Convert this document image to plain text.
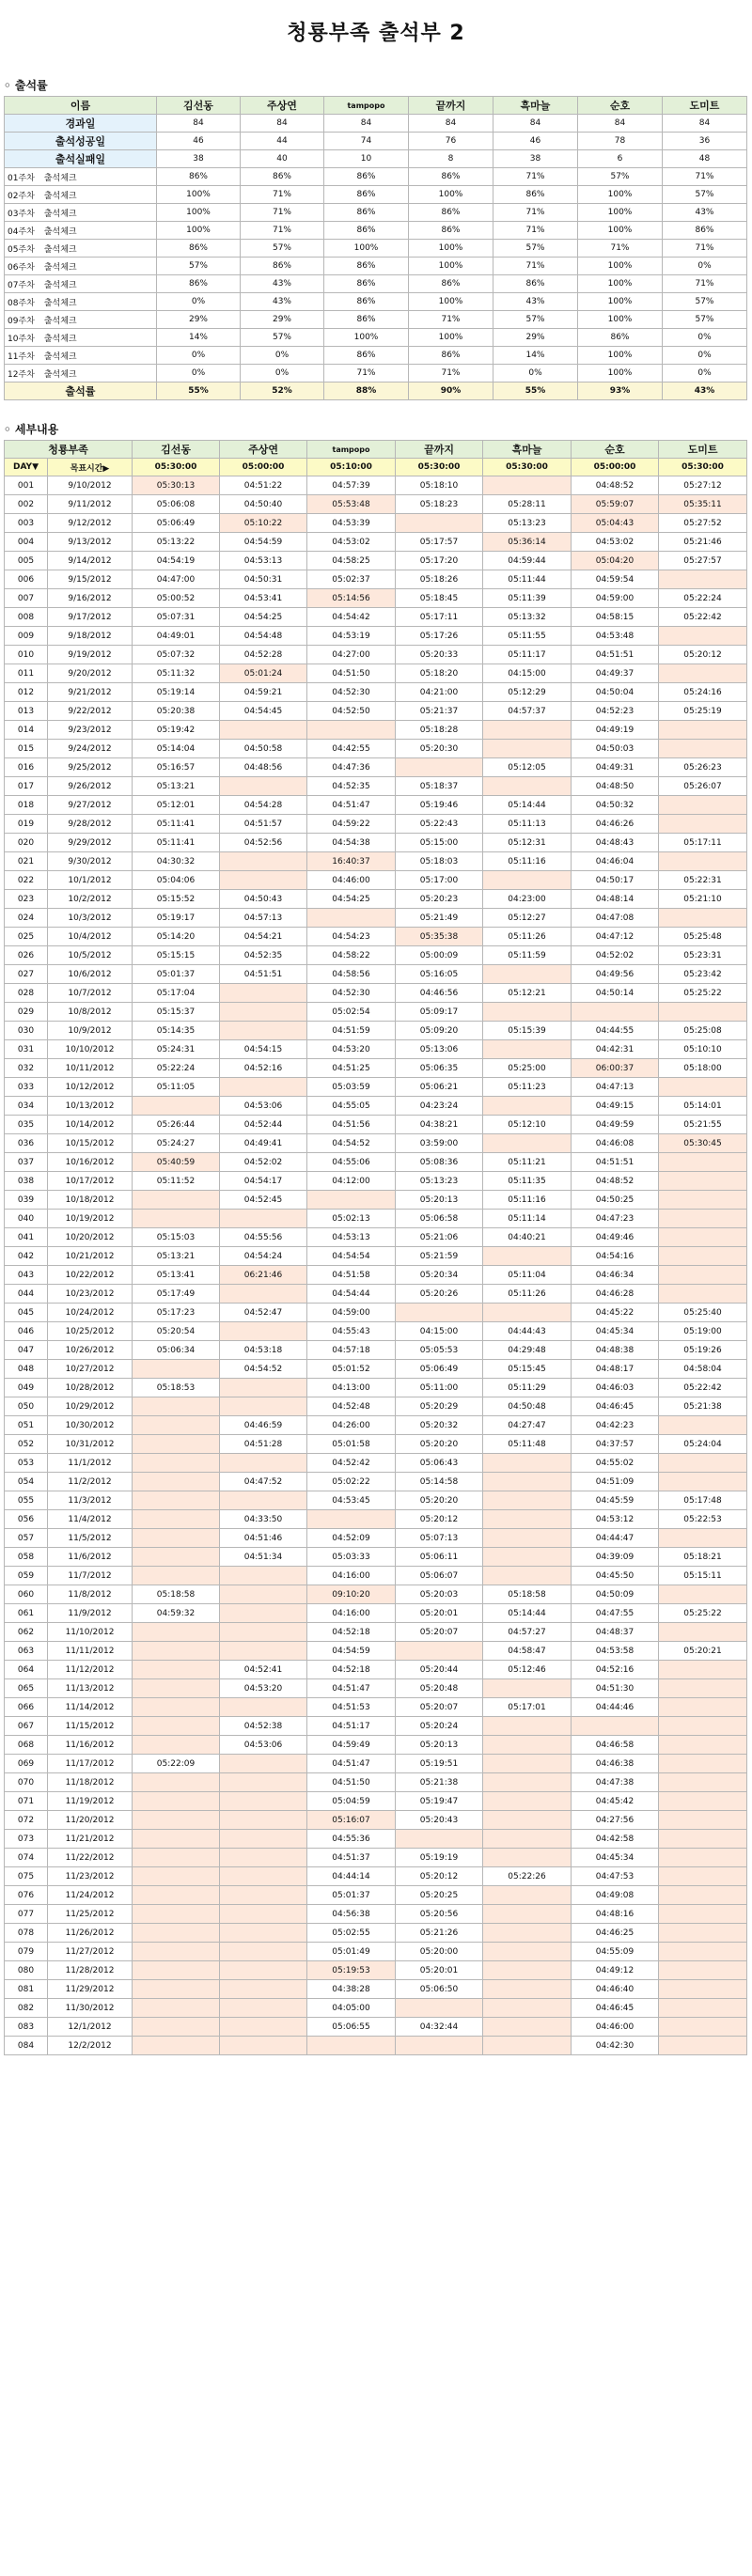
청룡부족 출석부 2
◦ 출석률
이름	김선동	주상연	tampopo	끝까지	흑마늘	순호	도미트
경과일	84	84	84	84	84	84	84
출석성공일	46	44	74	76	46	78	36
출석실패일	38	40	10	8	38	6	48
01주차 출석체크	86%	86%	86%	86%	71%	57%	71%
02주차 출석체크	100%	71%	86%	100%	86%	100%	57%
03주차 출석체크	100%	71%	86%	86%	71%	100%	43%
04주차 출석체크	100%	71%	86%	86%	71%	100%	86%
05주차 출석체크	86%	57%	100%	100%	57%	71%	71%
06주차 출석체크	57%	86%	86%	100%	71%	100%	0%
07주차 출석체크	86%	43%	86%	86%	86%	100%	71%
08주차 출석체크	0%	43%	86%	100%	43%	100%	57%
09주차 출석체크	29%	29%	86%	71%	57%	100%	57%
10주차 출석체크	14%	57%	100%	100%	29%	86%	0%
11주차 출석체크	0%	0%	86%	86%	14%	100%	0%
12주차 출석체크	0%	0%	71%	71%	0%	100%	0%
출석률	55%	52%	88%	90%	55%	93%	43%
◦ 세부내용
청룡부족		김선동	주상연	tampopo	끝까지	흑마늘	순호	도미트
DAY▼	목표시간▶	05:30:00	05:00:00	05:10:00	05:30:00	05:30:00	05:00:00	05:30:00
001	9/10/2012	05:30:13	04:51:22	04:57:39	05:18:10		04:48:52	05:27:12
002	9/11/2012	05:06:08	04:50:40	05:53:48	05:18:23	05:28:11	05:59:07	05:35:11
003	9/12/2012	05:06:49	05:10:22	04:53:39		05:13:23	05:04:43	05:27:52
004	9/13/2012	05:13:22	04:54:59	04:53:02	05:17:57	05:36:14	04:53:02	05:21:46
005	9/14/2012	04:54:19	04:53:13	04:58:25	05:17:20	04:59:44	05:04:20	05:27:57
006	9/15/2012	04:47:00	04:50:31	05:02:37	05:18:26	05:11:44	04:59:54	
007	9/16/2012	05:00:52	04:53:41	05:14:56	05:18:45	05:11:39	04:59:00	05:22:24
008	9/17/2012	05:07:31	04:54:25	04:54:42	05:17:11	05:13:32	04:58:15	05:22:42
009	9/18/2012	04:49:01	04:54:48	04:53:19	05:17:26	05:11:55	04:53:48	
010	9/19/2012	05:07:32	04:52:28	04:27:00	05:20:33	05:11:17	04:51:51	05:20:12
011	9/20/2012	05:11:32	05:01:24	04:51:50	05:18:20	04:15:00	04:49:37	
012	9/21/2012	05:19:14	04:59:21	04:52:30	04:21:00	05:12:29	04:50:04	05:24:16
013	9/22/2012	05:20:38	04:54:45	04:52:50	05:21:37	04:57:37	04:52:23	05:25:19
014	9/23/2012	05:19:42			05:18:28		04:49:19	
015	9/24/2012	05:14:04	04:50:58	04:42:55	05:20:30		04:50:03	
016	9/25/2012	05:16:57	04:48:56	04:47:36		05:12:05	04:49:31	05:26:23
017	9/26/2012	05:13:21		04:52:35	05:18:37		04:48:50	05:26:07
018	9/27/2012	05:12:01	04:54:28	04:51:47	05:19:46	05:14:44	04:50:32	
019	9/28/2012	05:11:41	04:51:57	04:59:22	05:22:43	05:11:13	04:46:26	
020	9/29/2012	05:11:41	04:52:56	04:54:38	05:15:00	05:12:31	04:48:43	05:17:11
021	9/30/2012	04:30:32		16:40:37	05:18:03	05:11:16	04:46:04	
022	10/1/2012	05:04:06		04:46:00	05:17:00		04:50:17	05:22:31
023	10/2/2012	05:15:52	04:50:43	04:54:25	05:20:23	04:23:00	04:48:14	05:21:10
024	10/3/2012	05:19:17	04:57:13		05:21:49	05:12:27	04:47:08	
025	10/4/2012	05:14:20	04:54:21	04:54:23	05:35:38	05:11:26	04:47:12	05:25:48
026	10/5/2012	05:15:15	04:52:35	04:58:22	05:00:09	05:11:59	04:52:02	05:23:31
027	10/6/2012	05:01:37	04:51:51	04:58:56	05:16:05		04:49:56	05:23:42
028	10/7/2012	05:17:04		04:52:30	04:46:56	05:12:21	04:50:14	05:25:22
029	10/8/2012	05:15:37		05:02:54	05:09:17			
030	10/9/2012	05:14:35		04:51:59	05:09:20	05:15:39	04:44:55	05:25:08
031	10/10/2012	05:24:31	04:54:15	04:53:20	05:13:06		04:42:31	05:10:10
032	10/11/2012	05:22:24	04:52:16	04:51:25	05:06:35	05:25:00	06:00:37	05:18:00
033	10/12/2012	05:11:05		05:03:59	05:06:21	05:11:23	04:47:13	
034	10/13/2012		04:53:06	04:55:05	04:23:24		04:49:15	05:14:01
035	10/14/2012	05:26:44	04:52:44	04:51:56	04:38:21	05:12:10	04:49:59	05:21:55
036	10/15/2012	05:24:27	04:49:41	04:54:52	03:59:00		04:46:08	05:30:45
037	10/16/2012	05:40:59	04:52:02	04:55:06	05:08:36	05:11:21	04:51:51	
038	10/17/2012	05:11:52	04:54:17	04:12:00	05:13:23	05:11:35	04:48:52	
039	10/18/2012		04:52:45		05:20:13	05:11:16	04:50:25	
040	10/19/2012			05:02:13	05:06:58	05:11:14	04:47:23	
041	10/20/2012	05:15:03	04:55:56	04:53:13	05:21:06	04:40:21	04:49:46	
042	10/21/2012	05:13:21	04:54:24	04:54:54	05:21:59		04:54:16	
043	10/22/2012	05:13:41	06:21:46	04:51:58	05:20:34	05:11:04	04:46:34	
044	10/23/2012	05:17:49		04:54:44	05:20:26	05:11:26	04:46:28	
045	10/24/2012	05:17:23	04:52:47	04:59:00			04:45:22	05:25:40
046	10/25/2012	05:20:54		04:55:43	04:15:00	04:44:43	04:45:34	05:19:00
047	10/26/2012	05:06:34	04:53:18	04:57:18	05:05:53	04:29:48	04:48:38	05:19:26
048	10/27/2012		04:54:52	05:01:52	05:06:49	05:15:45	04:48:17	04:58:04
049	10/28/2012	05:18:53		04:13:00	05:11:00	05:11:29	04:46:03	05:22:42
050	10/29/2012			04:52:48	05:20:29	04:50:48	04:46:45	05:21:38
051	10/30/2012		04:46:59	04:26:00	05:20:32	04:27:47	04:42:23	
052	10/31/2012		04:51:28	05:01:58	05:20:20	05:11:48	04:37:57	05:24:04
053	11/1/2012			04:52:42	05:06:43		04:55:02	
054	11/2/2012		04:47:52	05:02:22	05:14:58		04:51:09	
055	11/3/2012			04:53:45	05:20:20		04:45:59	05:17:48
056	11/4/2012		04:33:50		05:20:12		04:53:12	05:22:53
057	11/5/2012		04:51:46	04:52:09	05:07:13		04:44:47	
058	11/6/2012		04:51:34	05:03:33	05:06:11		04:39:09	05:18:21
059	11/7/2012			04:16:00	05:06:07		04:45:50	05:15:11
060	11/8/2012	05:18:58		09:10:20	05:20:03	05:18:58	04:50:09	
061	11/9/2012	04:59:32		04:16:00	05:20:01	05:14:44	04:47:55	05:25:22
062	11/10/2012			04:52:18	05:20:07	04:57:27	04:48:37	
063	11/11/2012			04:54:59		04:58:47	04:53:58	05:20:21
064	11/12/2012		04:52:41	04:52:18	05:20:44	05:12:46	04:52:16	
065	11/13/2012		04:53:20	04:51:47	05:20:48		04:51:30	
066	11/14/2012			04:51:53	05:20:07	05:17:01	04:44:46	
067	11/15/2012		04:52:38	04:51:17	05:20:24			
068	11/16/2012		04:53:06	04:59:49	05:20:13		04:46:58	
069	11/17/2012	05:22:09		04:51:47	05:19:51		04:46:38	
070	11/18/2012			04:51:50	05:21:38		04:47:38	
071	11/19/2012			05:04:59	05:19:47		04:45:42	
072	11/20/2012			05:16:07	05:20:43		04:27:56	
073	11/21/2012			04:55:36			04:42:58	
074	11/22/2012			04:51:37	05:19:19		04:45:34	
075	11/23/2012			04:44:14	05:20:12	05:22:26	04:47:53	
076	11/24/2012			05:01:37	05:20:25		04:49:08	
077	11/25/2012			04:56:38	05:20:56		04:48:16	
078	11/26/2012			05:02:55	05:21:26		04:46:25	
079	11/27/2012			05:01:49	05:20:00		04:55:09	
080	11/28/2012			05:19:53	05:20:01		04:49:12	
081	11/29/2012			04:38:28	05:06:50		04:46:40	
082	11/30/2012			04:05:00			04:46:45	
083	12/1/2012			05:06:55	04:32:44		04:46:00	
084	12/2/2012						04:42:30	
